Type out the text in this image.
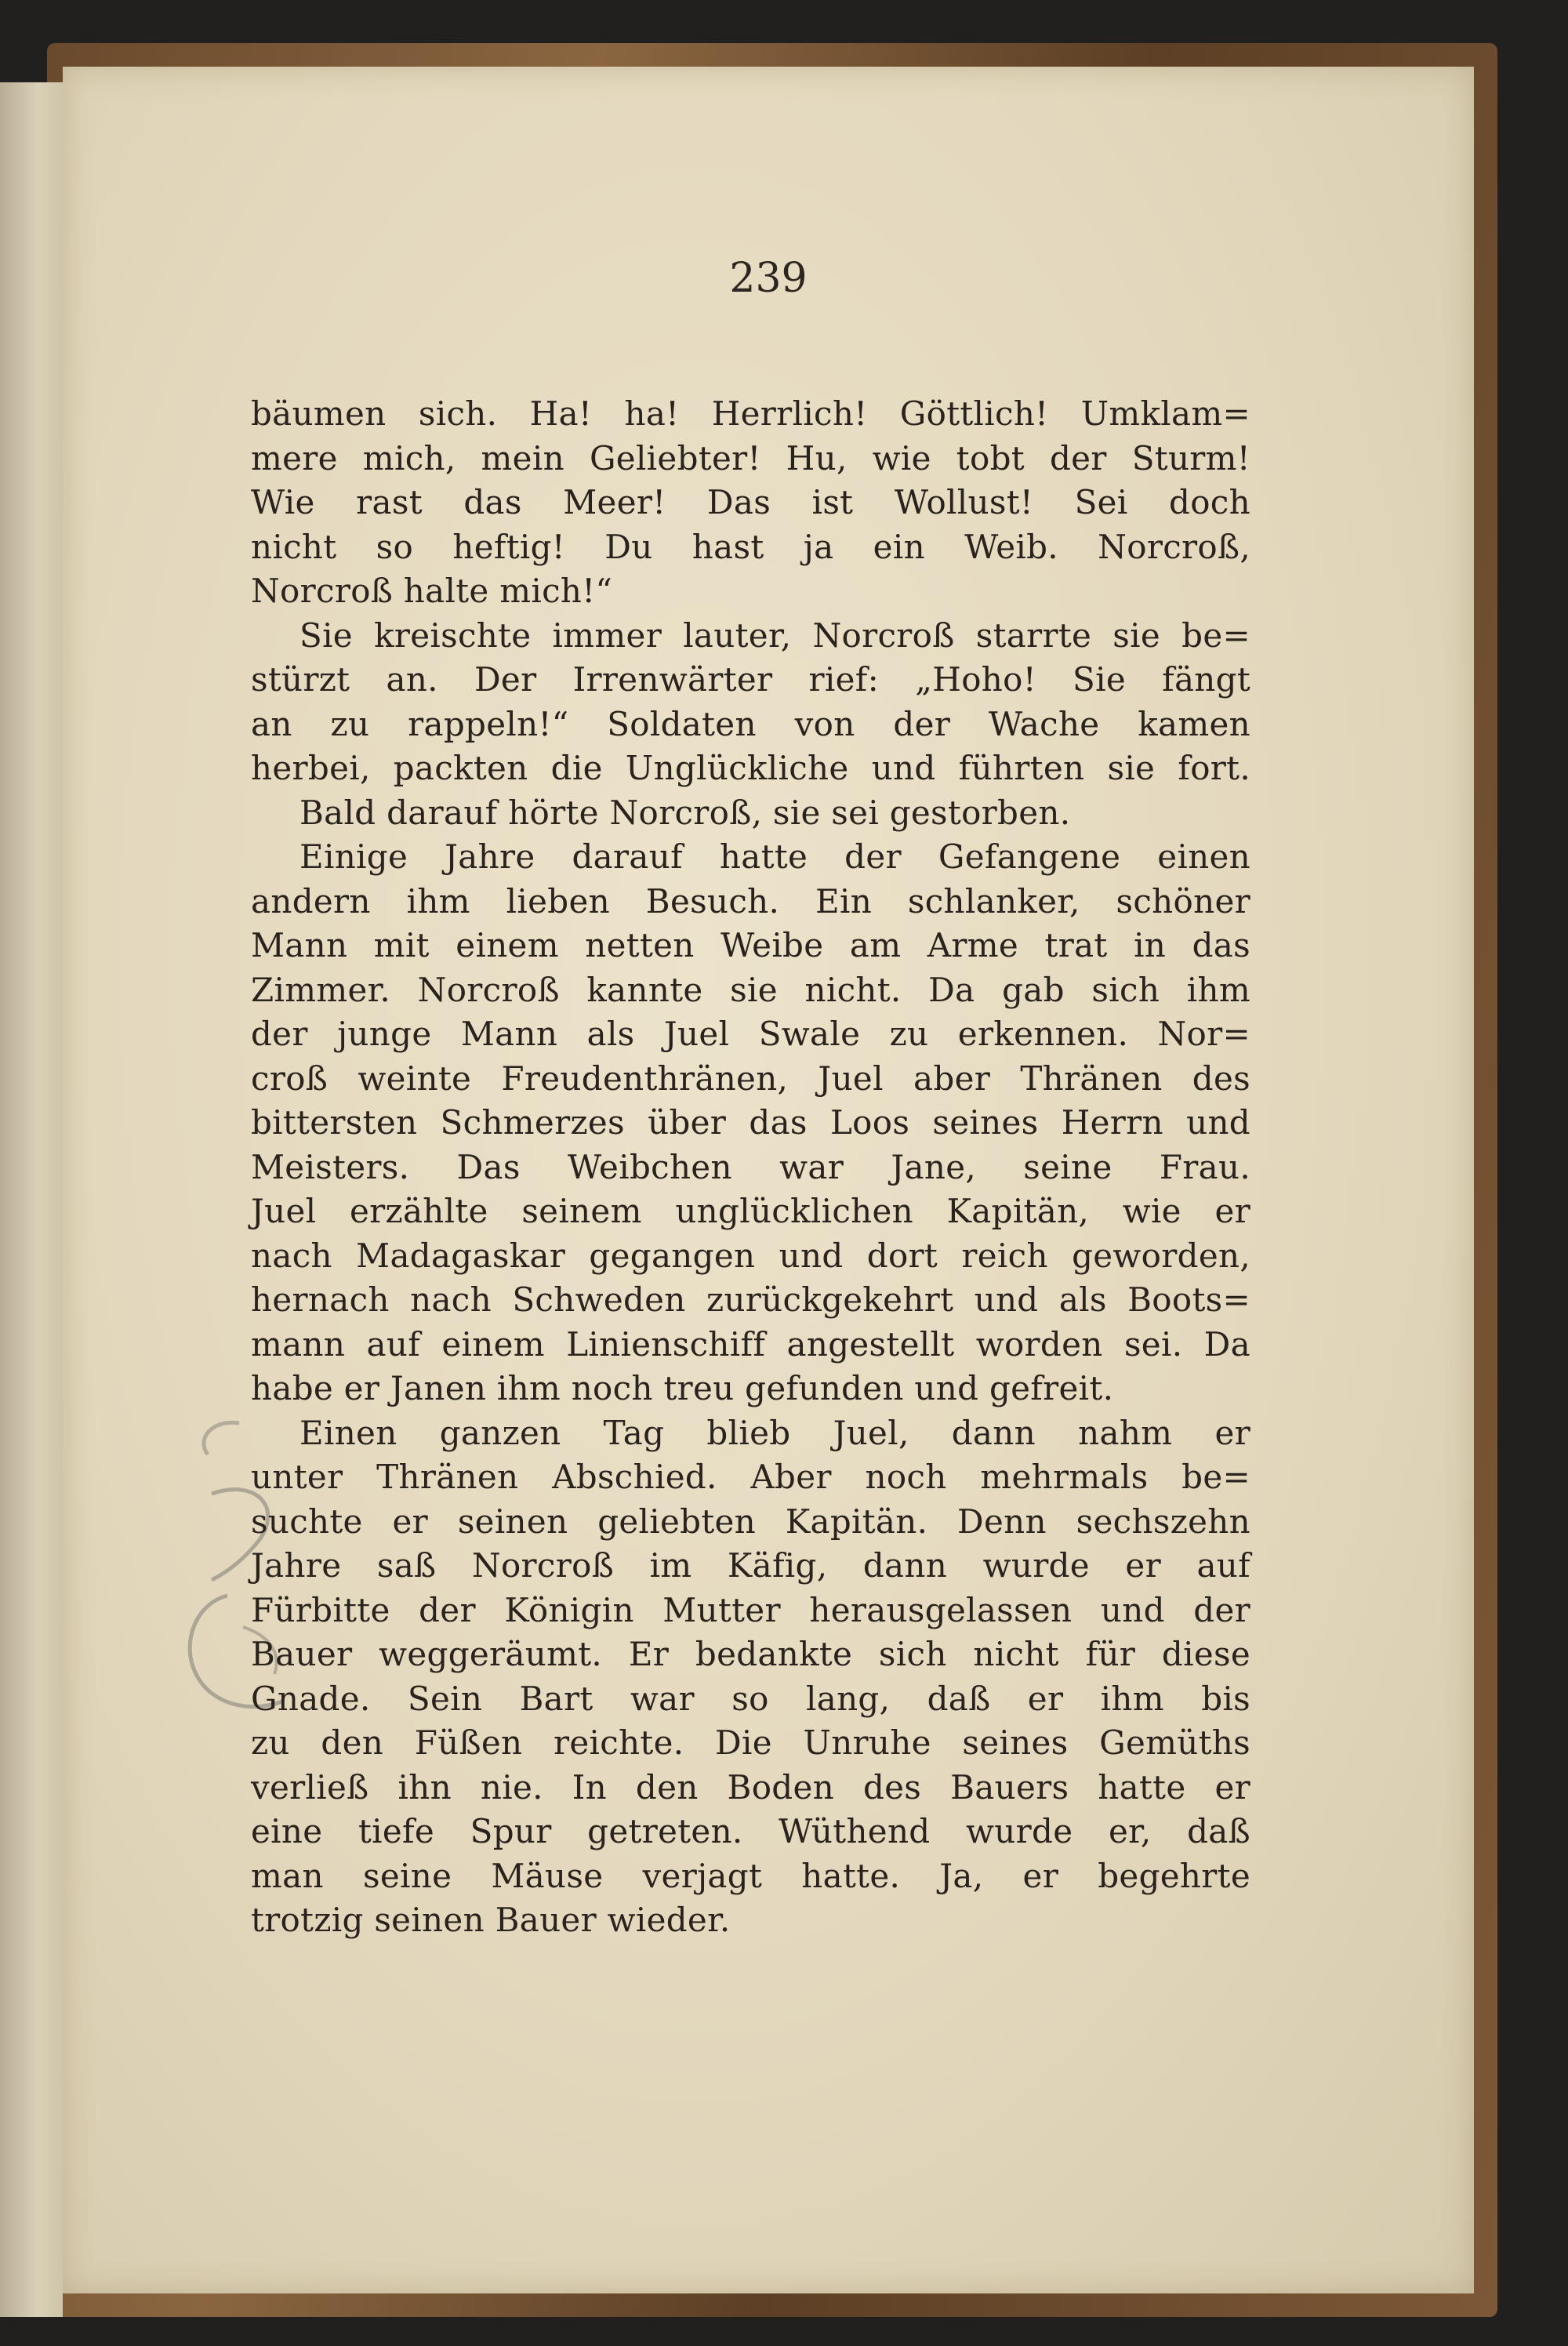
239

bäumen sich. Ha! ha! Herrlich! Göttlich! Umklam=
mere mich, mein Geliebter! Hu, wie tobt der Sturm!
Wie rast das Meer! Das ist Wollust! Sei doch
nicht so heftig! Du hast ja ein Weib. Norcroß,
Norcroß halte mich!“
Sie kreischte immer lauter, Norcroß starrte sie be=
stürzt an. Der Irrenwärter rief: „Hoho! Sie fängt
an zu rappeln!“ Soldaten von der Wache kamen
herbei, packten die Unglückliche und führten sie fort.
Bald darauf hörte Norcroß, sie sei gestorben.
Einige Jahre darauf hatte der Gefangene einen
andern ihm lieben Besuch. Ein schlanker, schöner
Mann mit einem netten Weibe am Arme trat in das
Zimmer. Norcroß kannte sie nicht. Da gab sich ihm
der junge Mann als Juel Swale zu erkennen. Nor=
croß weinte Freudenthränen, Juel aber Thränen des
bittersten Schmerzes über das Loos seines Herrn und
Meisters. Das Weibchen war Jane, seine Frau.
Juel erzählte seinem unglücklichen Kapitän, wie er
nach Madagaskar gegangen und dort reich geworden,
hernach nach Schweden zurückgekehrt und als Boots=
mann auf einem Linienschiff angestellt worden sei. Da
habe er Janen ihm noch treu gefunden und gefreit.
Einen ganzen Tag blieb Juel, dann nahm er
unter Thränen Abschied. Aber noch mehrmals be=
suchte er seinen geliebten Kapitän. Denn sechszehn
Jahre saß Norcroß im Käfig, dann wurde er auf
Fürbitte der Königin Mutter herausgelassen und der
Bauer weggeräumt. Er bedankte sich nicht für diese
Gnade. Sein Bart war so lang, daß er ihm bis
zu den Füßen reichte. Die Unruhe seines Gemüths
verließ ihn nie. In den Boden des Bauers hatte er
eine tiefe Spur getreten. Wüthend wurde er, daß
man seine Mäuse verjagt hatte. Ja, er begehrte
trotzig seinen Bauer wieder.
